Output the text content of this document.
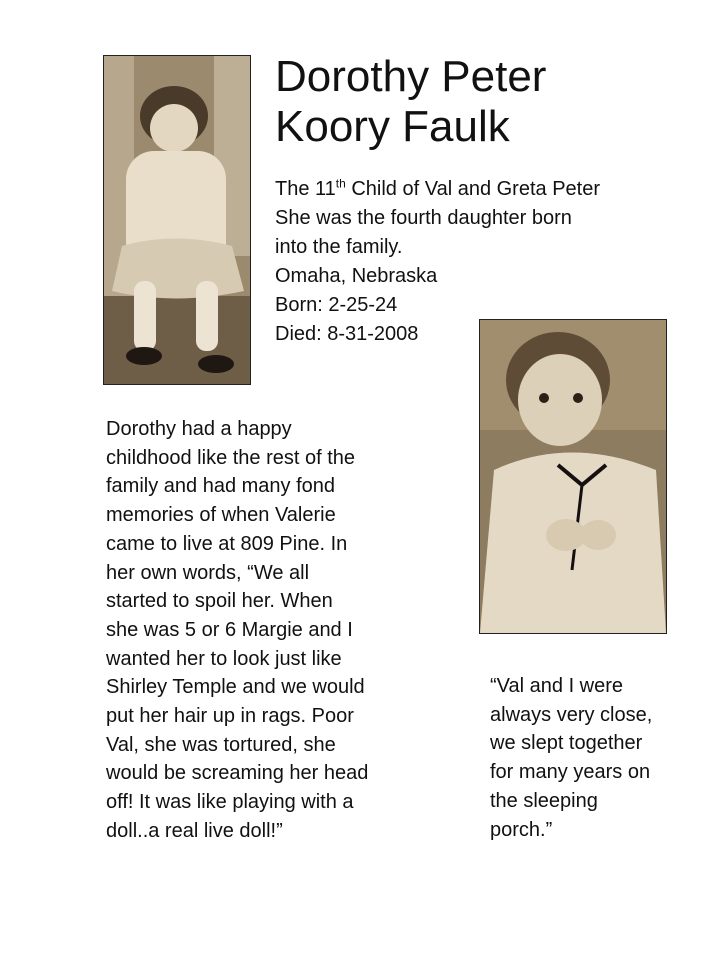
Dorothy Peter
Koory Faulk
The 11th Child of Val and Greta Peter
She was the fourth daughter born
into the family.
Omaha, Nebraska
Born: 2-25-24
Died: 8-31-2008
Dorothy had a happy
childhood like the rest of the
family and had many fond
memories of when Valerie
came to live at 809 Pine. In
her own words, “We all
started to spoil her. When
she was 5 or 6 Margie and I
wanted her to look just like
Shirley Temple and we would
put her hair up in rags. Poor
Val, she was tortured, she
would be screaming her head
off! It was like playing with a
doll..a real live doll!”
“Val and I were
always very close,
we slept together
for many years on
the sleeping
porch.”
